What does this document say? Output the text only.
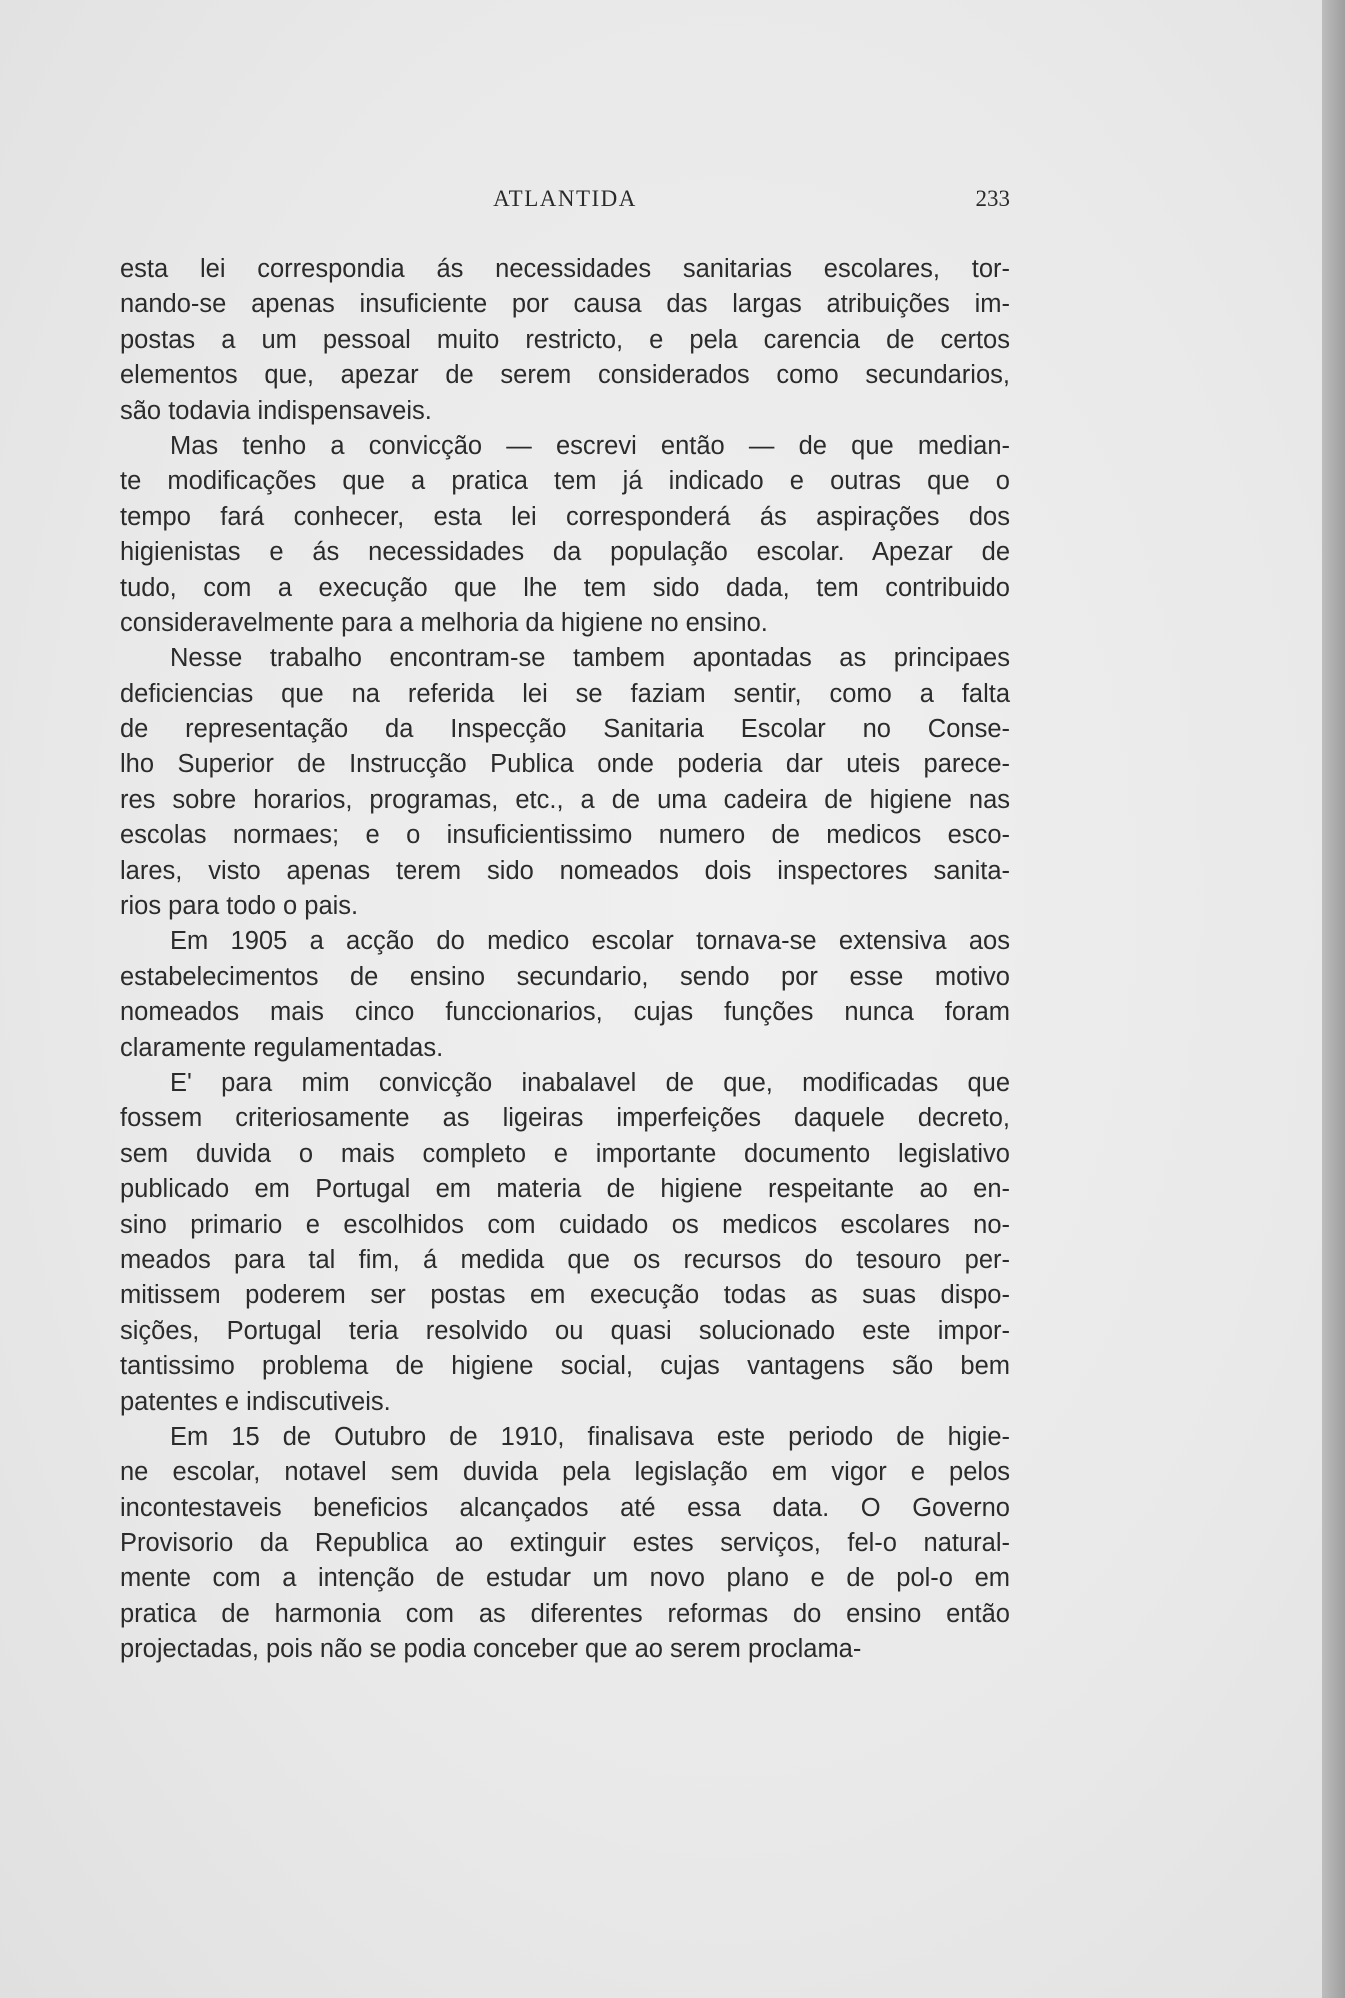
ATLANTIDA	233
esta lei correspondia ás necessidades sanitarias escolares, tor-
nando-se apenas insuficiente por causa das largas atribuições im-
postas a um pessoal muito restricto, e pela carencia de certos
elementos que, apezar de serem considerados como secundarios,
são todavia indispensaveis.
Mas tenho a convicção — escrevi então — de que median-
te modificações que a pratica tem já indicado e outras que o
tempo fará conhecer, esta lei corresponderá ás aspirações dos
higienistas e ás necessidades da população escolar. Apezar de
tudo, com a execução que lhe tem sido dada, tem contribuido
consideravelmente para a melhoria da higiene no ensino.
Nesse trabalho encontram-se tambem apontadas as principaes
deficiencias que na referida lei se faziam sentir, como a falta
de representação da Inspecção Sanitaria Escolar no Conse-
lho Superior de Instrucção Publica onde poderia dar uteis parece-
res sobre horarios, programas, etc., a de uma cadeira de higiene nas
escolas normaes; e o insuficientissimo numero de medicos esco-
lares, visto apenas terem sido nomeados dois inspectores sanita-
rios para todo o pais.
Em 1905 a acção do medico escolar tornava-se extensiva aos
estabelecimentos de ensino secundario, sendo por esse motivo
nomeados mais cinco funccionarios, cujas funções nunca foram
claramente regulamentadas.
E' para mim convicção inabalavel de que, modificadas que
fossem criteriosamente as ligeiras imperfeições daquele decreto,
sem duvida o mais completo e importante documento legislativo
publicado em Portugal em materia de higiene respeitante ao en-
sino primario e escolhidos com cuidado os medicos escolares no-
meados para tal fim, á medida que os recursos do tesouro per-
mitissem poderem ser postas em execução todas as suas dispo-
sições, Portugal teria resolvido ou quasi solucionado este impor-
tantissimo problema de higiene social, cujas vantagens são bem
patentes e indiscutiveis.
Em 15 de Outubro de 1910, finalisava este periodo de higie-
ne escolar, notavel sem duvida pela legislação em vigor e pelos
incontestaveis beneficios alcançados até essa data. O Governo
Provisorio da Republica ao extinguir estes serviços, fel-o natural-
mente com a intenção de estudar um novo plano e de pol-o em
pratica de harmonia com as diferentes reformas do ensino então
projectadas, pois não se podia conceber que ao serem proclama-
